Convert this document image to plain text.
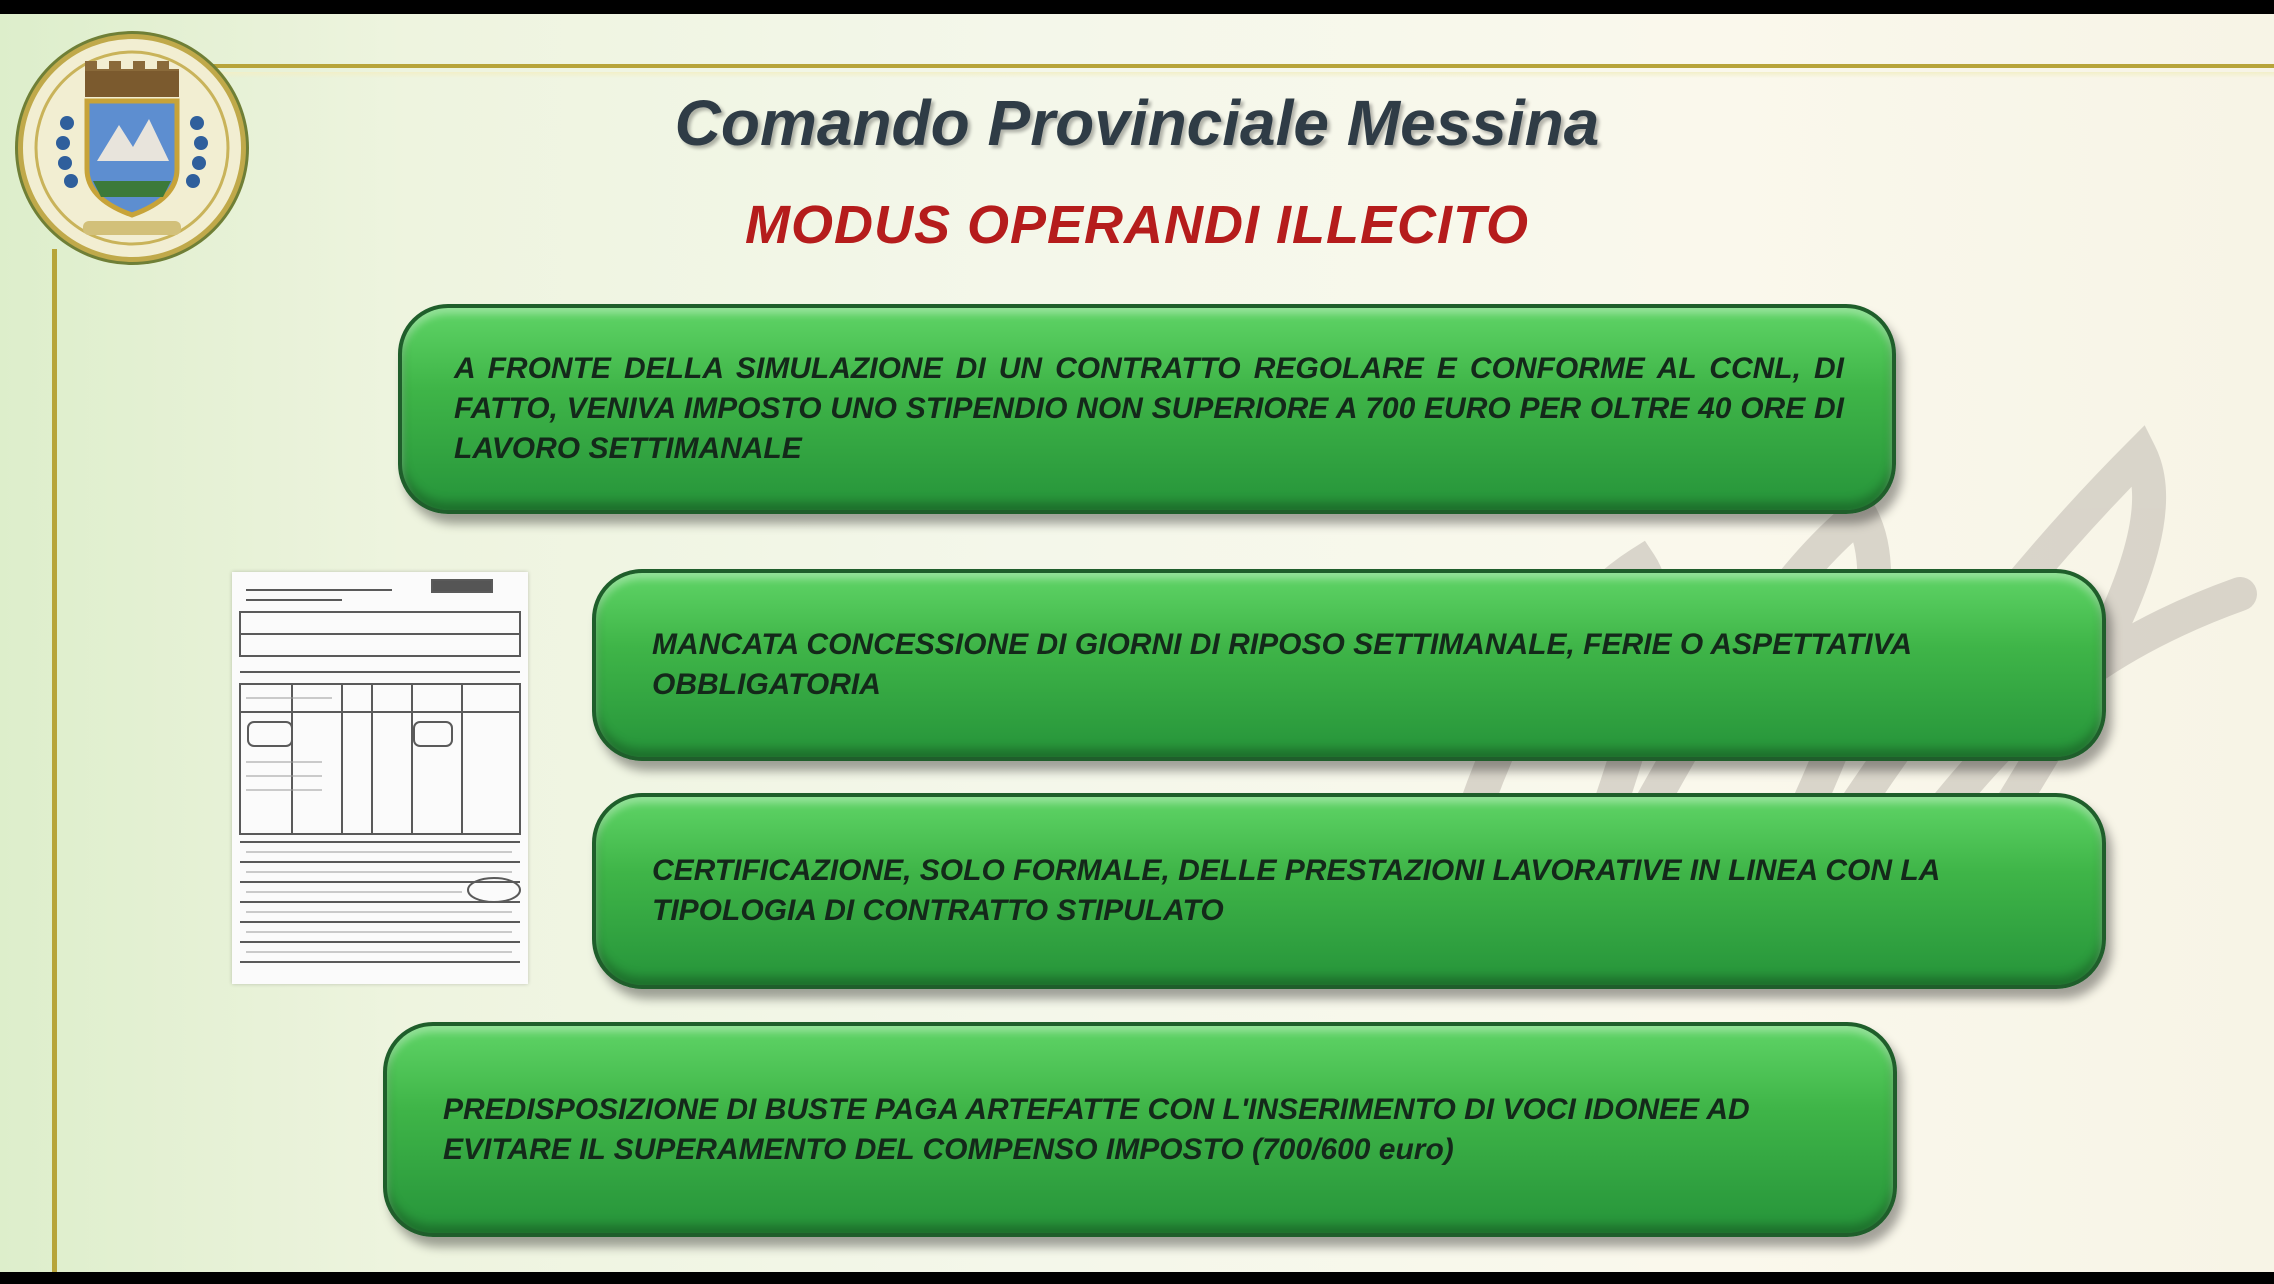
Comando Provinciale Messina
MODUS OPERANDI ILLECITO
A FRONTE DELLA SIMULAZIONE DI UN CONTRATTO REGOLARE E CONFORME AL CCNL, DI FATTO, VENIVA IMPOSTO UNO STIPENDIO NON SUPERIORE A 700 EURO PER OLTRE 40 ORE DI LAVORO SETTIMANALE
MANCATA CONCESSIONE DI GIORNI DI RIPOSO SETTIMANALE, FERIE O ASPETTATIVA OBBLIGATORIA
CERTIFICAZIONE, SOLO FORMALE, DELLE PRESTAZIONI LAVORATIVE IN LINEA CON LA TIPOLOGIA DI CONTRATTO STIPULATO
PREDISPOSIZIONE DI BUSTE PAGA ARTEFATTE CON L'INSERIMENTO DI VOCI IDONEE AD EVITARE IL SUPERAMENTO DEL COMPENSO IMPOSTO (700/600 euro)
